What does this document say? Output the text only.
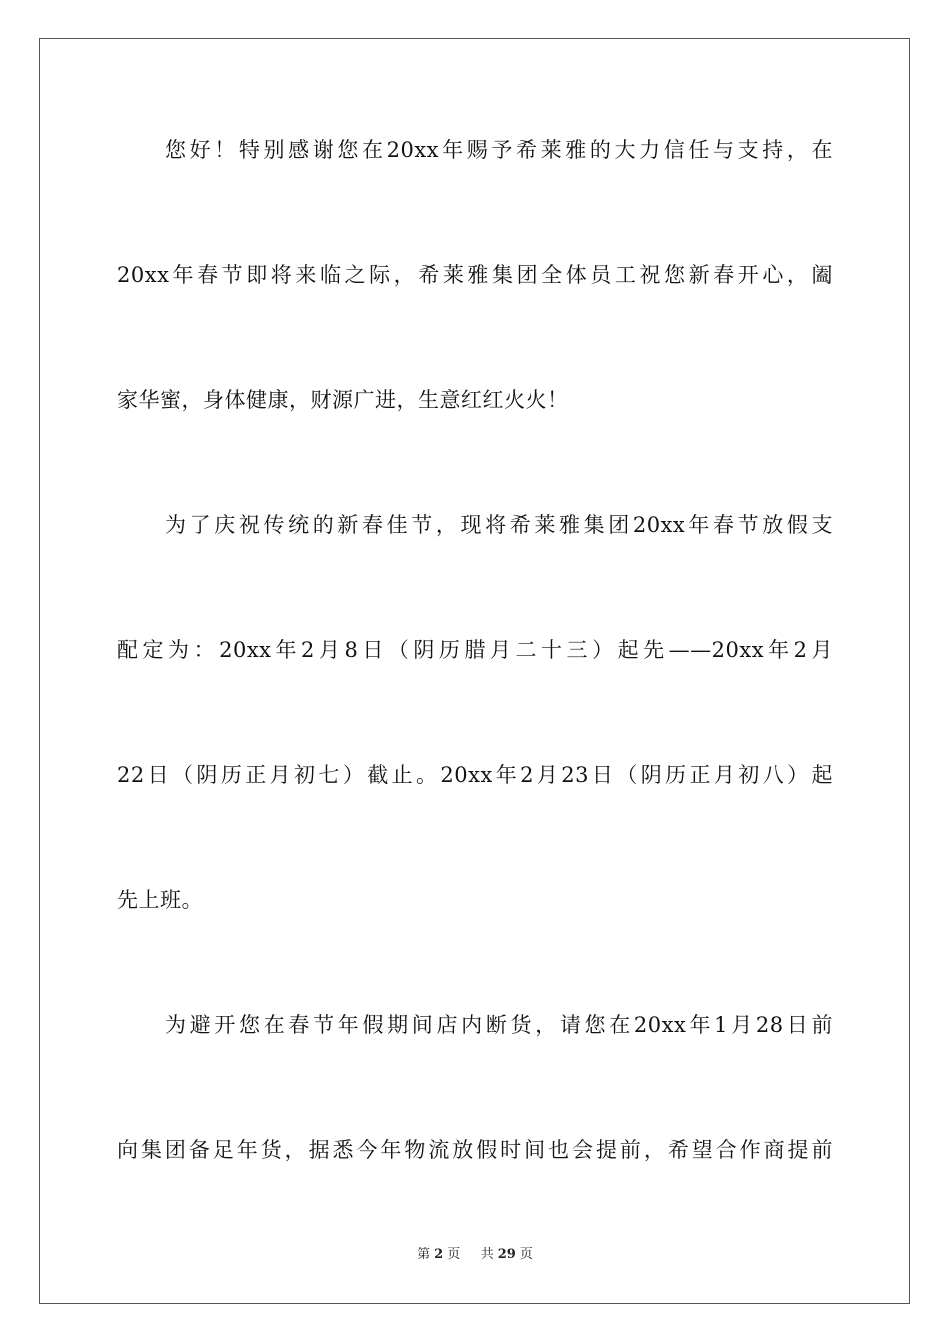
您好！特别感谢您在20xx年赐予希莱雅的大力信任与支持，在
20xx年春节即将来临之际，希莱雅集团全体员工祝您新春开心，阖
家华蜜，身体健康，财源广进，生意红红火火！
为了庆祝传统的新春佳节，现将希莱雅集团20xx年春节放假支
配定为：20xx年2月8日（阴历腊月二十三）起先——20xx年2月
22日（阴历正月初七）截止。20xx年2月23日（阴历正月初八）起
先上班。
为避开您在春节年假期间店内断货，请您在20xx年1月28日前
向集团备足年货，据悉今年物流放假时间也会提前，希望合作商提前
第 2 页 共 29 页
